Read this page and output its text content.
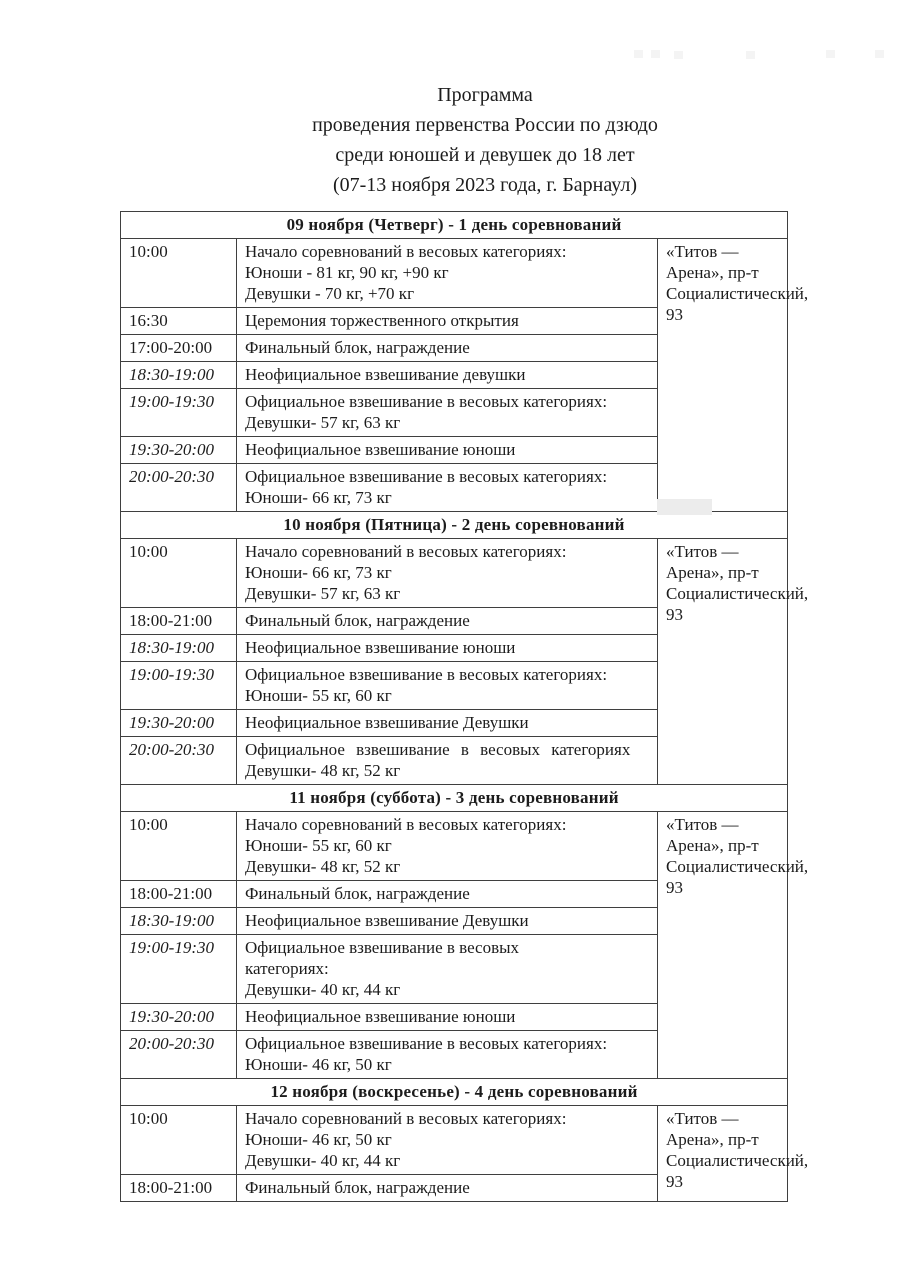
Программа
проведения первенства России по дзюдо
среди юношей и девушек до 18 лет
(07-13 ноября 2023 года, г. Барнаул)
09 ноября (Четверг) - 1 день соревнований		
10:00	Начало соревнований в весовых категориях:
Юноши - 81 кг, 90 кг, +90 кг
Девушки - 70 кг, +70 кг

«Титов — Арена», пр-т
Социалистический, 93

16:30	Церемония торжественного открытия	

17:00-20:00	Финальный блок, награждение	

18:30-19:00	Неофициальное взвешивание девушки	

19:00-19:30	Официальное взвешивание в весовых категориях:
Девушки- 57 кг, 63 кг	

19:30-20:00	Неофициальное взвешивание юноши	

20:00-20:30	Официальное взвешивание в весовых категориях:
Юноши- 66 кг, 73 кг	

10 ноября (Пятница) - 2 день соревнований		
10:00	Начало соревнований в весовых категориях:
Юноши- 66 кг, 73 кг
Девушки- 57 кг, 63 кг

«Титов — Арена», пр-т
Социалистический, 93

18:00-21:00	Финальный блок, награждение	

18:30-19:00	Неофициальное взвешивание юноши	

19:00-19:30	Официальное взвешивание в весовых категориях:
Юноши- 55 кг, 60 кг	

19:30-20:00	Неофициальное взвешивание Девушки	

20:00-20:30	Официальное взвешивание в весовых категориях
Девушки- 48 кг, 52 кг	

11 ноября (суббота) - 3 день соревнований		
10:00	Начало соревнований в весовых категориях:
Юноши- 55 кг, 60 кг
Девушки- 48 кг, 52 кг

«Титов — Арена», пр-т
Социалистический, 93

18:00-21:00	Финальный блок, награждение	

18:30-19:00	Неофициальное взвешивание Девушки	

19:00-19:30	Официальное взвешивание в весовых
категориях:
Девушки- 40 кг, 44 кг	

19:30-20:00	Неофициальное взвешивание юноши	

20:00-20:30	Официальное взвешивание в весовых категориях:
Юноши- 46 кг, 50 кг	

12 ноября (воскресенье) - 4 день соревнований		
10:00	Начало соревнований в весовых категориях:
Юноши- 46 кг, 50 кг
Девушки- 40 кг, 44 кг

«Титов — Арена», пр-т
Социалистический, 93

18:00-21:00	Финальный блок, награждение	
